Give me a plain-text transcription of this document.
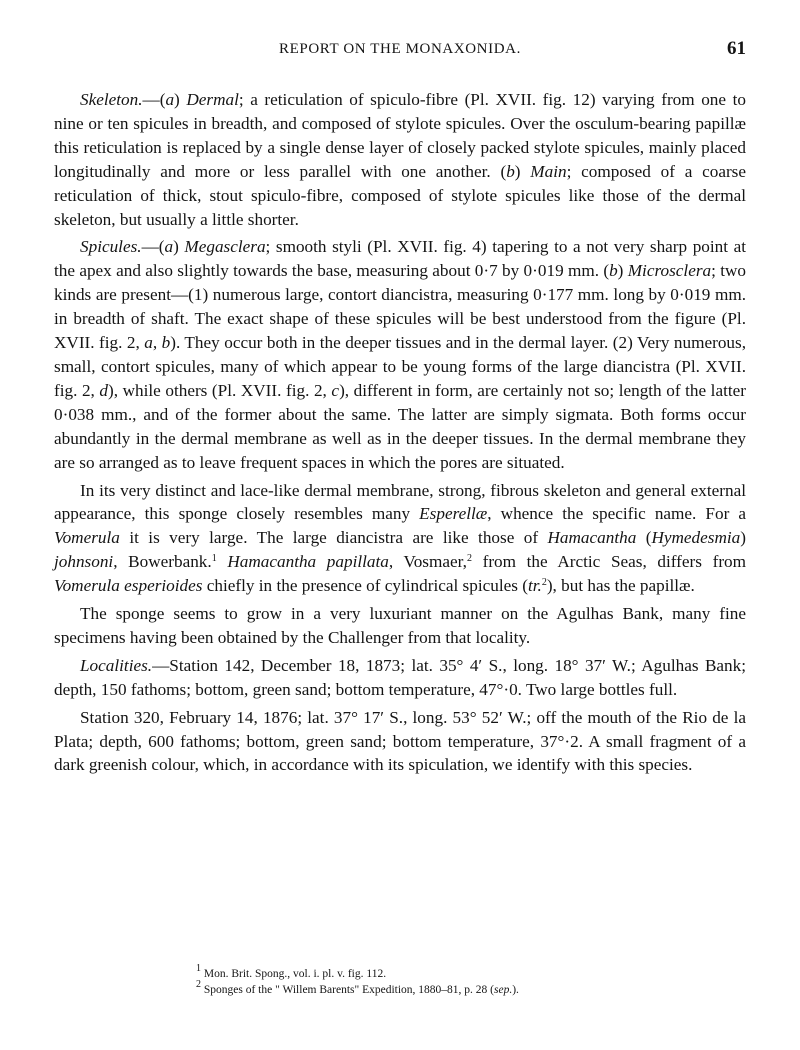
REPORT ON THE MONAXONIDA.	61

Skeleton.—(a) Dermal; a reticulation of spiculo-fibre (Pl. XVII. fig. 12) varying from one to nine or ten spicules in breadth, and composed of stylote spicules. Over the osculum-bearing papillæ this reticulation is replaced by a single dense layer of closely packed stylote spicules, mainly placed longitudinally and more or less parallel with one another. (b) Main; composed of a coarse reticulation of thick, stout spiculo-fibre, composed of stylote spicules like those of the dermal skeleton, but usually a little shorter.

Spicules.—(a) Megasclera; smooth styli (Pl. XVII. fig. 4) tapering to a not very sharp point at the apex and also slightly towards the base, measuring about 0·7 by 0·019 mm. (b) Microsclera; two kinds are present—(1) numerous large, contort diancistra, measuring 0·177 mm. long by 0·019 mm. in breadth of shaft. The exact shape of these spicules will be best understood from the figure (Pl. XVII. fig. 2, a, b). They occur both in the deeper tissues and in the dermal layer. (2) Very numerous, small, contort spicules, many of which appear to be young forms of the large diancistra (Pl. XVII. fig. 2, d), while others (Pl. XVII. fig. 2, c), different in form, are certainly not so; length of the latter 0·038 mm., and of the former about the same. The latter are simply sigmata. Both forms occur abundantly in the dermal membrane as well as in the deeper tissues. In the dermal membrane they are so arranged as to leave frequent spaces in which the pores are situated.

In its very distinct and lace-like dermal membrane, strong, fibrous skeleton and general external appearance, this sponge closely resembles many Esperellæ, whence the specific name. For a Vomerula it is very large. The large diancistra are like those of Hamacantha (Hymedesmia) johnsoni, Bowerbank.$^1$ Hamacantha papillata, Vosmaer,$^2$ from the Arctic Seas, differs from Vomerula esperioides chiefly in the presence of cylindrical spicules (tr.$^2$), but has the papillæ.

The sponge seems to grow in a very luxuriant manner on the Agulhas Bank, many fine specimens having been obtained by the Challenger from that locality.

Localities.—Station 142, December 18, 1873; lat. 35° 4′ S., long. 18° 37′ W.; Agulhas Bank; depth, 150 fathoms; bottom, green sand; bottom temperature, 47°·0. Two large bottles full.

Station 320, February 14, 1876; lat. 37° 17′ S., long. 53° 52′ W.; off the mouth of the Rio de la Plata; depth, 600 fathoms; bottom, green sand; bottom temperature, 37°·2. A small fragment of a dark greenish colour, which, in accordance with its spiculation, we identify with this species.

1 Mon. Brit. Spong., vol. i. pl. v. fig. 112.

2 Sponges of the " Willem Barents" Expedition, 1880–81, p. 28 (sep.).
